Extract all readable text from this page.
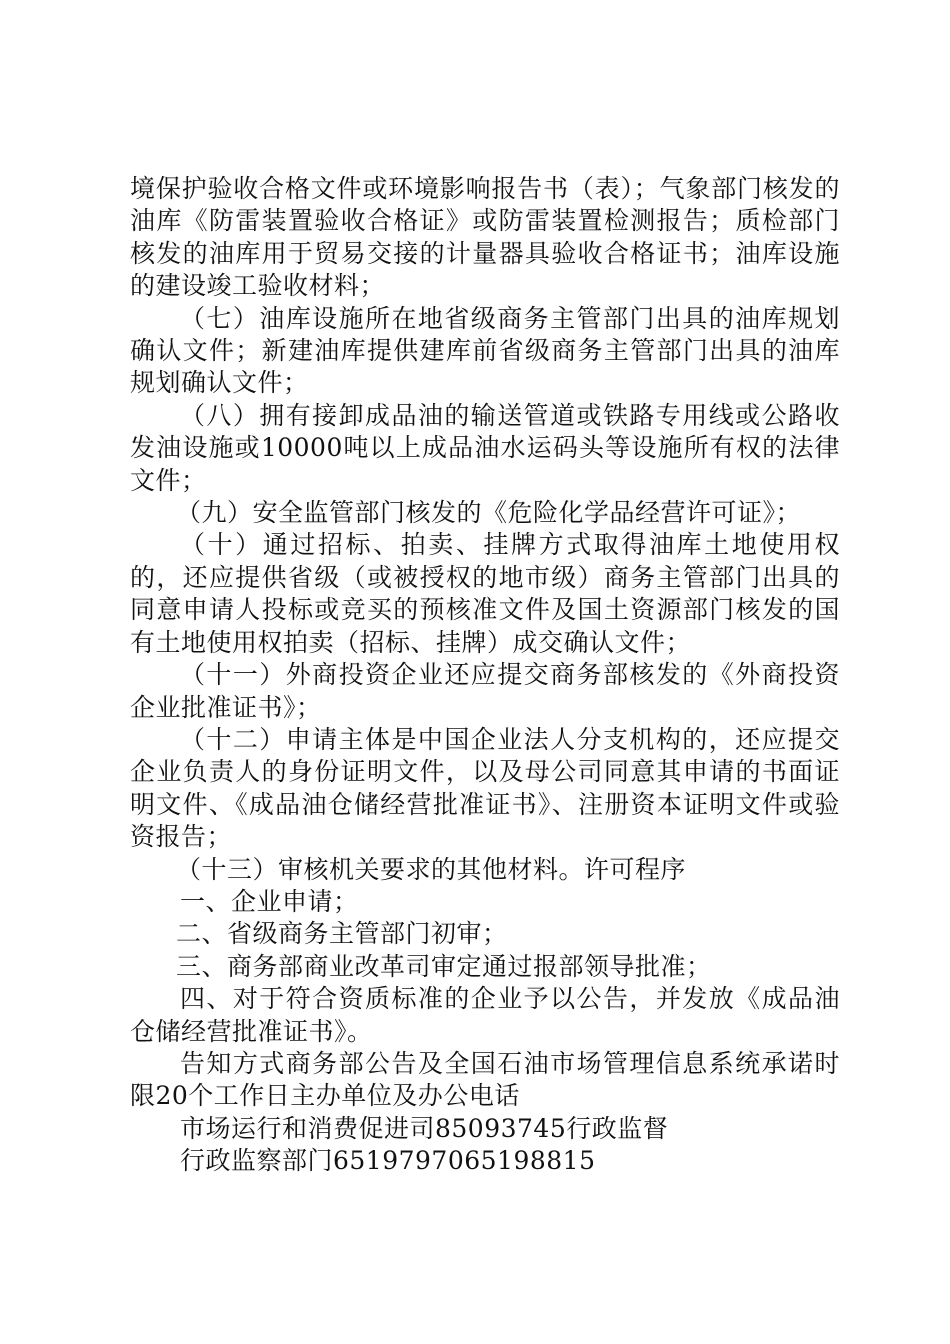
境保护验收合格文件或环境影响报告书（表）；气象部门核发的油库《防雷装置验收合格证》或防雷装置检测报告；质检部门核发的油库用于贸易交接的计量器具验收合格证书；油库设施的建设竣工验收材料；

（七）油库设施所在地省级商务主管部门出具的油库规划确认文件；新建油库提供建库前省级商务主管部门出具的油库规划确认文件；

（八）拥有接卸成品油的输送管道或铁路专用线或公路收发油设施或10000吨以上成品油水运码头等设施所有权的法律文件；

（九）安全监管部门核发的《危险化学品经营许可证》；

（十）通过招标、拍卖、挂牌方式取得油库土地使用权的，还应提供省级（或被授权的地市级）商务主管部门出具的同意申请人投标或竞买的预核准文件及国土资源部门核发的国有土地使用权拍卖（招标、挂牌）成交确认文件；

（十一）外商投资企业还应提交商务部核发的《外商投资企业批准证书》；

（十二）申请主体是中国企业法人分支机构的，还应提交企业负责人的身份证明文件，以及母公司同意其申请的书面证明文件、《成品油仓储经营批准证书》、注册资本证明文件或验资报告；

（十三）审核机关要求的其他材料。许可程序

一、企业申请；

二、省级商务主管部门初审；

三、商务部商业改革司审定通过报部领导批准；

四、对于符合资质标准的企业予以公告，并发放《成品油仓储经营批准证书》。

告知方式商务部公告及全国石油市场管理信息系统承诺时限20个工作日主办单位及办公电话

市场运行和消费促进司85093745行政监督

行政监察部门6519797065198815
